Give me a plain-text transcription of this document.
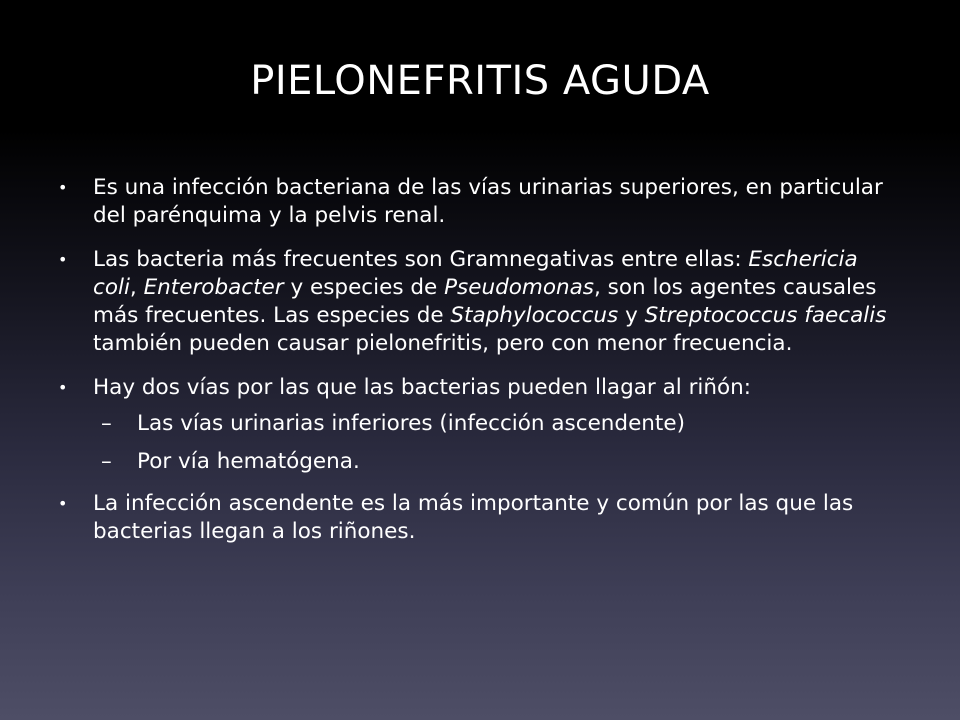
PIELONEFRITIS AGUDA
• Es una infección bacteriana de las vías urinarias superiores, en particular del parénquima y la pelvis renal.
• Las bacteria más frecuentes son Gramnegativas entre ellas: Eschericia coli, Enterobacter y especies de Pseudomonas, son los agentes causales más frecuentes. Las especies de Staphylococcus y Streptococcus faecalis también pueden causar pielonefritis, pero con menor frecuencia.
• Hay dos vías por las que las bacterias pueden llagar al riñón:
– Las vías urinarias inferiores (infección ascendente)
– Por vía hematógena.
• La infección ascendente es la más importante y común por las que las bacterias llegan a los riñones.
